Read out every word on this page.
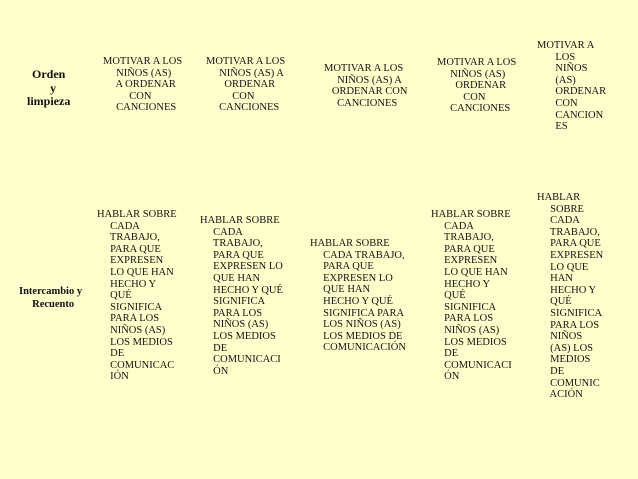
Orden
y
limpieza
MOTIVAR A LOS
NIÑOS (AS)
A ORDENAR
CON
CANCIONES
MOTIVAR A LOS
NIÑOS (AS) A
ORDENAR
CON
CANCIONES
MOTIVAR A LOS
NIÑOS (AS) A
ORDENAR CON
CANCIONES
MOTIVAR A LOS
NIÑOS (AS)
ORDENAR
CON
CANCIONES
MOTIVAR A
LOS
NIÑOS
(AS)
ORDENAR
CON
CANCION
ES
Intercambio y
Recuento
HABLAR SOBRE
CADA
TRABAJO,
PARA QUE
EXPRESEN
LO QUE HAN
HECHO Y
QUÉ
SIGNIFICA
PARA LOS
NIÑOS (AS)
LOS MEDIOS
DE
COMUNICAC
IÓN
HABLAR SOBRE
CADA
TRABAJO,
PARA QUE
EXPRESEN LO
QUE HAN
HECHO Y QUÉ
SIGNIFICA
PARA LOS
NIÑOS (AS)
LOS MEDIOS
DE
COMUNICACI
ÓN
HABLAR SOBRE
CADA TRABAJO,
PARA QUE
EXPRESEN LO
QUE HAN
HECHO Y QUÉ
SIGNIFICA PARA
LOS NIÑOS (AS)
LOS MEDIOS DE
COMUNICACIÓN
HABLAR SOBRE
CADA
TRABAJO,
PARA QUE
EXPRESEN
LO QUE HAN
HECHO Y
QUÉ
SIGNIFICA
PARA LOS
NIÑOS (AS)
LOS MEDIOS
DE
COMUNICACI
ÓN
HABLAR
SOBRE
CADA
TRABAJO,
PARA QUE
EXPRESEN
LO QUE
HAN
HECHO Y
QUÉ
SIGNIFICA
PARA LOS
NIÑOS
(AS) LOS
MEDIOS
DE
COMUNIC
ACIÓN
